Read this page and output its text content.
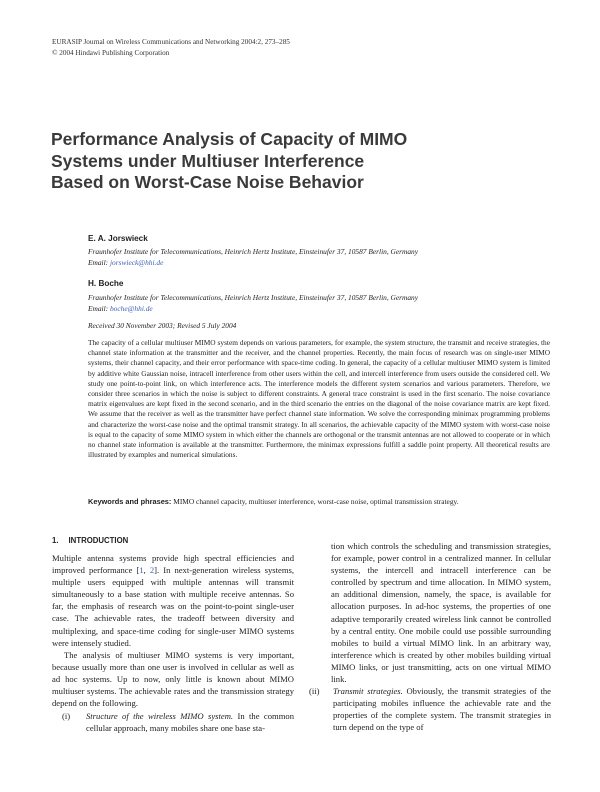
EURASIP Journal on Wireless Communications and Networking 2004:2, 273–285
© 2004 Hindawi Publishing Corporation
Performance Analysis of Capacity of MIMO
Systems under Multiuser Interference
Based on Worst-Case Noise Behavior
E. A. Jorswieck
Fraunhofer Institute for Telecommunications, Heinrich Hertz Institute, Einsteinufer 37, 10587 Berlin, Germany
Email: jorswieck@hhi.de
H. Boche
Fraunhofer Institute for Telecommunications, Heinrich Hertz Institute, Einsteinufer 37, 10587 Berlin, Germany
Email: boche@hhi.de
Received 30 November 2003; Revised 5 July 2004

The capacity of a cellular multiuser MIMO system depends on various parameters, for example, the system structure, the transmit and receive strategies, the channel state information at the transmitter and the receiver, and the channel properties. Recently, the main focus of research was on single-user MIMO systems, their channel capacity, and their error performance with space-time coding. In general, the capacity of a cellular multiuser MIMO system is limited by additive white Gaussian noise, intracell interference from other users within the cell, and intercell interference from users outside the considered cell. We study one point-to-point link, on which interference acts. The interference models the different system scenarios and various parameters. Therefore, we consider three scenarios in which the noise is subject to different constraints. A general trace constraint is used in the first scenario. The noise covariance matrix eigenvalues are kept fixed in the second scenario, and in the third scenario the entries on the diagonal of the noise covariance matrix are kept fixed. We assume that the receiver as well as the transmitter have perfect channel state information. We solve the corresponding minimax programming problems and characterize the worst-case noise and the optimal transmit strategy. In all scenarios, the achievable capacity of the MIMO system with worst-case noise is equal to the capacity of some MIMO system in which either the channels are orthogonal or the transmit antennas are not allowed to cooperate or in which no channel state information is available at the transmitter. Furthermore, the minimax expressions fulfill a saddle point property. All theoretical results are illustrated by examples and numerical simulations.

Keywords and phrases: MIMO channel capacity, multiuser interference, worst-case noise, optimal transmission strategy.
1. INTRODUCTION

Multiple antenna systems provide high spectral efficiencies and improved performance [1, 2]. In next-generation wireless systems, multiple users equipped with multiple antennas will transmit simultaneously to a base station with multiple receive antennas. So far, the emphasis of research was on the point-to-point single-user case. The achievable rates, the tradeoff between diversity and multiplexing, and space-time coding for single-user MIMO systems were intensely studied.

The analysis of multiuser MIMO systems is very important, because usually more than one user is involved in cellular as well as ad hoc systems. Up to now, only little is known about MIMO multiuser systems. The achievable rates and the transmission strategy depend on the following.

(i)	Structure of the wireless MIMO system. In the common cellular approach, many mobiles share one base sta-

tion which controls the scheduling and transmission strategies, for example, power control in a centralized manner. In cellular systems, the intercell and intracell interference can be controlled by spectrum and time allocation. In MIMO system, an additional dimension, namely, the space, is available for allocation purposes. In ad-hoc systems, the properties of one adaptive temporarily created wireless link cannot be controlled by a central entity. One mobile could use possible surrounding mobiles to build a virtual MIMO link. In an arbitrary way, interference which is created by other mobiles building virtual MIMO links, or just transmitting, acts on one virtual MIMO link.

(ii)	Transmit strategies. Obviously, the transmit strategies of the participating mobiles influence the achievable rate and the properties of the complete system. The transmit strategies in turn depend on the type of
